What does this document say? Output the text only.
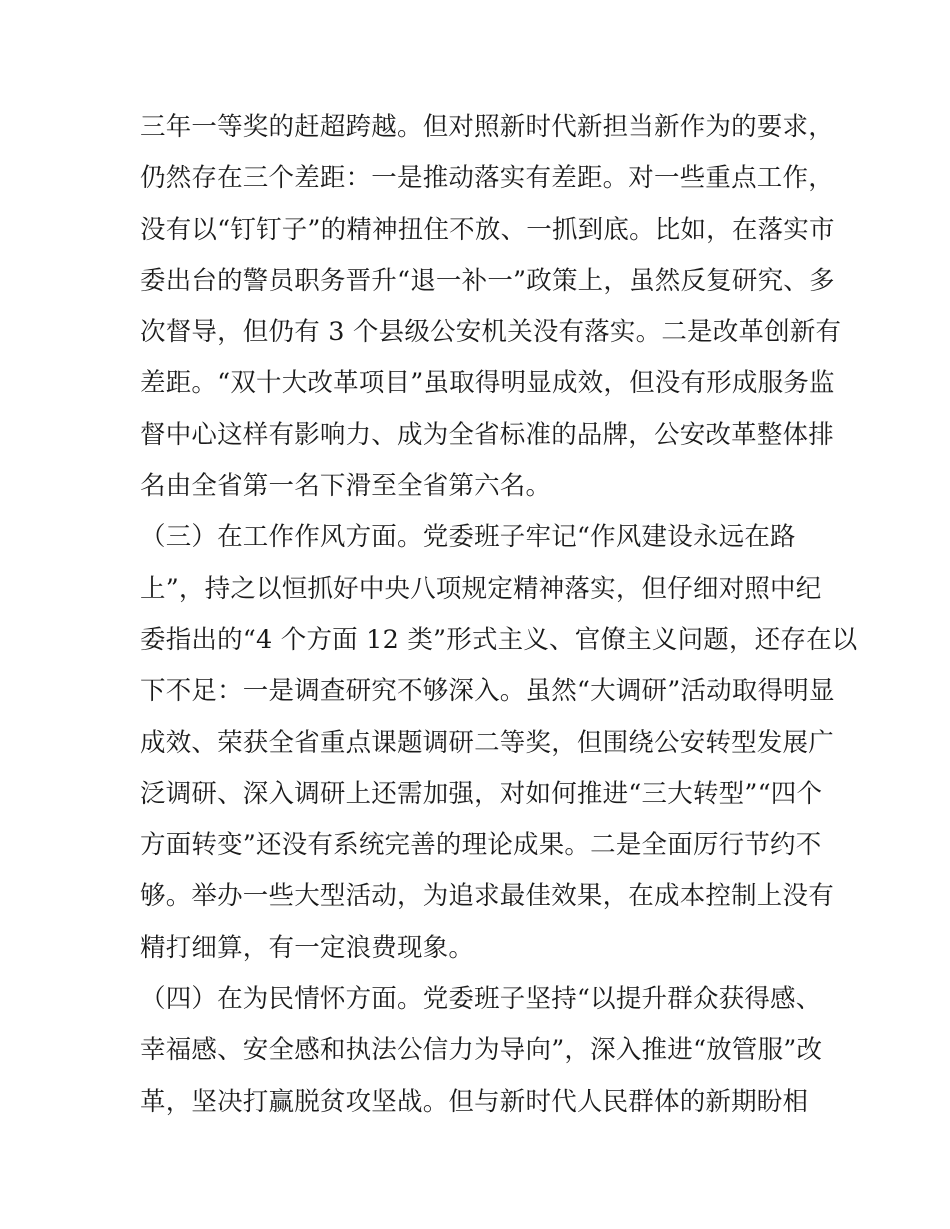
三年一等奖的赶超跨越。但对照新时代新担当新作为的要求，
仍然存在三个差距：一是推动落实有差距。对一些重点工作，
没有以“钉钉子”的精神扭住不放、一抓到底。比如，在落实市
委出台的警员职务晋升“退一补一”政策上，虽然反复研究、多
次督导，但仍有 3 个县级公安机关没有落实。二是改革创新有
差距。“双十大改革项目”虽取得明显成效，但没有形成服务监
督中心这样有影响力、成为全省标准的品牌，公安改革整体排
名由全省第一名下滑至全省第六名。
（三）在工作作风方面。党委班子牢记“作风建设永远在路
上”，持之以恒抓好中央八项规定精神落实，但仔细对照中纪
委指出的“4 个方面 12 类”形式主义、官僚主义问题，还存在以
下不足：一是调查研究不够深入。虽然“大调研”活动取得明显
成效、荣获全省重点课题调研二等奖，但围绕公安转型发展广
泛调研、深入调研上还需加强，对如何推进“三大转型”“四个
方面转变”还没有系统完善的理论成果。二是全面厉行节约不
够。举办一些大型活动，为追求最佳效果，在成本控制上没有
精打细算，有一定浪费现象。
（四）在为民情怀方面。党委班子坚持“以提升群众获得感、
幸福感、安全感和执法公信力为导向”，深入推进“放管服”改
革，坚决打赢脱贫攻坚战。但与新时代人民群体的新期盼相
